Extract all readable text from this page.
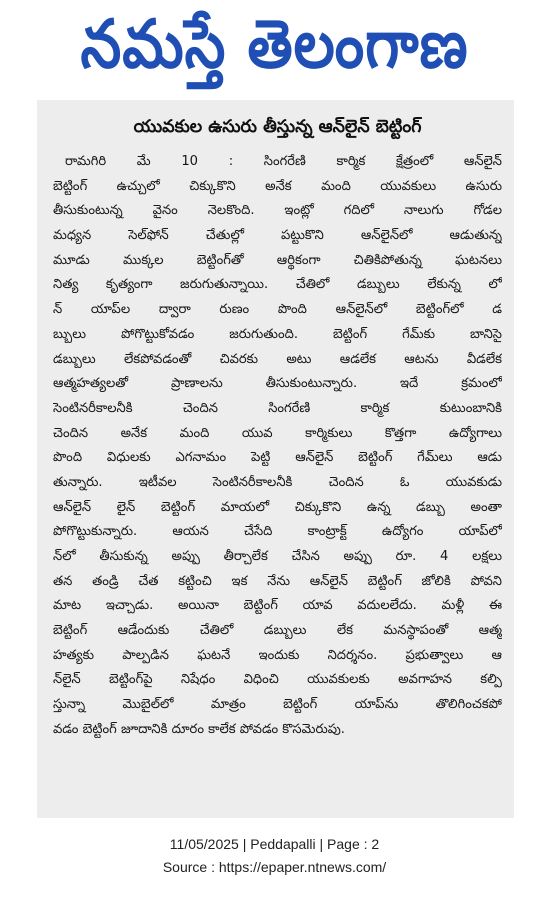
నమస్తే తెలంగాణ
యువకుల ఉసురు తీస్తున్న ఆన్‌లైన్ బెట్టింగ్
రామగిరి మే 10 : సింగరేణి కార్మిక క్షేత్రంలో ఆన్‌లైన్
బెట్టింగ్ ఉచ్చులో చిక్కుకొని అనేక మంది యువకులు ఉసురు
తీసుకుంటున్న వైనం నెలకొంది. ఇంట్లో గదిలో నాలుగు గోడల
మధ్యన సెల్‌ఫోన్ చేతుల్లో పట్టుకొని ఆన్‌లైన్‌లో ఆడుతున్న
మూడు ముక్కల బెట్టింగ్‌తో ఆర్థికంగా చితికిపోతున్న ఘటనలు
నిత్య కృత్యంగా జరుగుతున్నాయి. చేతిలో డబ్బులు లేకున్న లో
న్ యాప్‌ల ద్వారా రుణం పొంది ఆన్‌లైన్‌లో బెట్టింగ్‌లో డ
బ్బులు పోగొట్టుకోవడం జరుగుతుంది. బెట్టింగ్ గేమ్‌కు బానిసై
డబ్బులు లేకపోవడంతో చివరకు అటు ఆడలేక ఆటను వీడలేక
ఆత్మహత్యలతో ప్రాణాలను తీసుకుంటున్నారు. ఇదే క్రమంలో
సెంటినరీకాలనీకి చెందిన సింగరేణి కార్మిక కుటుంబానికి
చెందిన అనేక మంది యువ కార్మికులు కొత్తగా ఉద్యోగాలు
పొంది విధులకు ఎగనామం పెట్టి ఆన్‌లైన్ బెట్టింగ్ గేమ్‌లు ఆడు
తున్నారు. ఇటీవల సెంటినరీకాలనీకి చెందిన ఓ యువకుడు
ఆన్‌లైన్ లైన్ బెట్టింగ్ మాయలో చిక్కుకొని ఉన్న డబ్బు అంతా
పోగొట్టుకున్నారు. ఆయన చేసేది కాంట్రాక్ట్ ఉద్యోగం యాప్‌లో
న్‌లో తీసుకున్న అప్పు తీర్చాలేక చేసిన అప్పు రూ. 4 లక్షలు
తన తండ్రి చేత కట్టించి ఇక నేను ఆన్‌లైన్ బెట్టింగ్ జోలికి పోవని
మాట ఇచ్చాడు. అయినా బెట్టింగ్ యావ వదులలేదు. మళ్లీ ఈ
బెట్టింగ్ ఆడేందుకు చేతిలో డబ్బులు లేక మనస్థాపంతో ఆత్మ
హత్యకు పాల్పడిన ఘటనే ఇందుకు నిదర్శనం. ప్రభుత్వాలు ఆ
న్‌లైన్ బెట్టింగ్‌పై నిషేధం విధించి యువకులకు అవగాహన కల్పి
స్తున్నా మొబైల్‌లో మాత్రం బెట్టింగ్ యాప్‌ను తొలిగించకపో
వడం బెట్టింగ్ జూదానికి దూరం కాలేక పోవడం కొసమెరుపు.
11/05/2025 | Peddapalli | Page : 2
Source : https://epaper.ntnews.com/
